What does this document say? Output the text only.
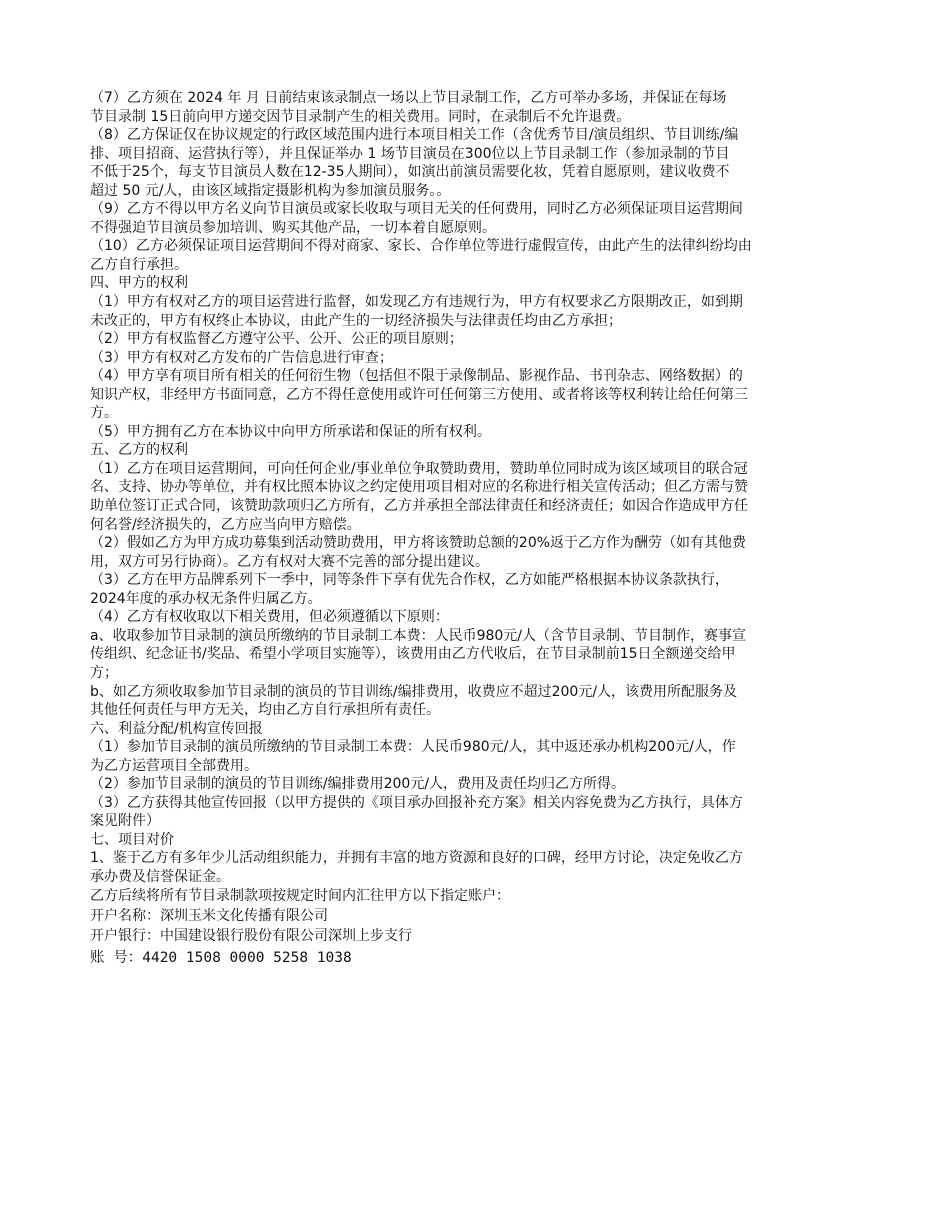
（7）乙方须在 2024 年 月 日前结束该录制点一场以上节目录制工作，乙方可举办多场，并保证在每场
节目录制 15日前向甲方递交因节目录制产生的相关费用。同时，在录制后不允许退费。
（8）乙方保证仅在协议规定的行政区域范围内进行本项目相关工作（含优秀节目/演员组织、节目训练/编
排、项目招商、运营执行等），并且保证举办 1 场节目演员在300位以上节目录制工作（参加录制的节目
不低于25个，每支节目演员人数在12-35人期间），如演出前演员需要化妆，凭着自愿原则，建议收费不
超过 50 元/人，由该区域指定摄影机构为参加演员服务。。
（9）乙方不得以甲方名义向节目演员或家长收取与项目无关的任何费用，同时乙方必须保证项目运营期间
不得强迫节目演员参加培训、购买其他产品，一切本着自愿原则。
（10）乙方必须保证项目运营期间不得对商家、家长、合作单位等进行虚假宣传，由此产生的法律纠纷均由
乙方自行承担。
四、甲方的权利
（1）甲方有权对乙方的项目运营进行监督，如发现乙方有违规行为，甲方有权要求乙方限期改正，如到期
未改正的，甲方有权终止本协议，由此产生的一切经济损失与法律责任均由乙方承担；
（2）甲方有权监督乙方遵守公平、公开、公正的项目原则；
（3）甲方有权对乙方发布的广告信息进行审查；
（4）甲方享有项目所有相关的任何衍生物（包括但不限于录像制品、影视作品、书刊杂志、网络数据）的
知识产权，非经甲方书面同意，乙方不得任意使用或许可任何第三方使用、或者将该等权利转让给任何第三
方。
（5）甲方拥有乙方在本协议中向甲方所承诺和保证的所有权利。
五、乙方的权利
（1）乙方在项目运营期间，可向任何企业/事业单位争取赞助费用，赞助单位同时成为该区域项目的联合冠
名、支持、协办等单位，并有权比照本协议之约定使用项目相对应的名称进行相关宣传活动；但乙方需与赞
助单位签订正式合同，该赞助款项归乙方所有，乙方并承担全部法律责任和经济责任；如因合作造成甲方任
何名誉/经济损失的，乙方应当向甲方赔偿。
（2）假如乙方为甲方成功募集到活动赞助费用，甲方将该赞助总额的20%返于乙方作为酬劳（如有其他费
用，双方可另行协商）。乙方有权对大赛不完善的部分提出建议。
（3）乙方在甲方品牌系列下一季中，同等条件下享有优先合作权，乙方如能严格根据本协议条款执行，
2024年度的承办权无条件归属乙方。
（4）乙方有权收取以下相关费用，但必须遵循以下原则：
a、收取参加节目录制的演员所缴纳的节目录制工本费：人民币980元/人（含节目录制、节目制作，赛事宣
传组织、纪念证书/奖品、希望小学项目实施等），该费用由乙方代收后，在节目录制前15日全额递交给甲
方；
b、如乙方须收取参加节目录制的演员的节目训练/编排费用，收费应不超过200元/人，该费用所配服务及
其他任何责任与甲方无关，均由乙方自行承担所有责任。
六、利益分配/机构宣传回报
（1）参加节目录制的演员所缴纳的节目录制工本费：人民币980元/人，其中返还承办机构200元/人，作
为乙方运营项目全部费用。
（2）参加节目录制的演员的节目训练/编排费用200元/人，费用及责任均归乙方所得。
（3）乙方获得其他宣传回报（以甲方提供的《项目承办回报补充方案》相关内容免费为乙方执行，具体方
案见附件）
七、项目对价
1、鉴于乙方有多年少儿活动组织能力，并拥有丰富的地方资源和良好的口碑，经甲方讨论，决定免收乙方
承办费及信誉保证金。
乙方后续将所有节目录制款项按规定时间内汇往甲方以下指定账户：
开户名称：深圳玉米文化传播有限公司
开户银行：中国建设银行股份有限公司深圳上步支行
账 号：4420 1508 0000 5258 1038
